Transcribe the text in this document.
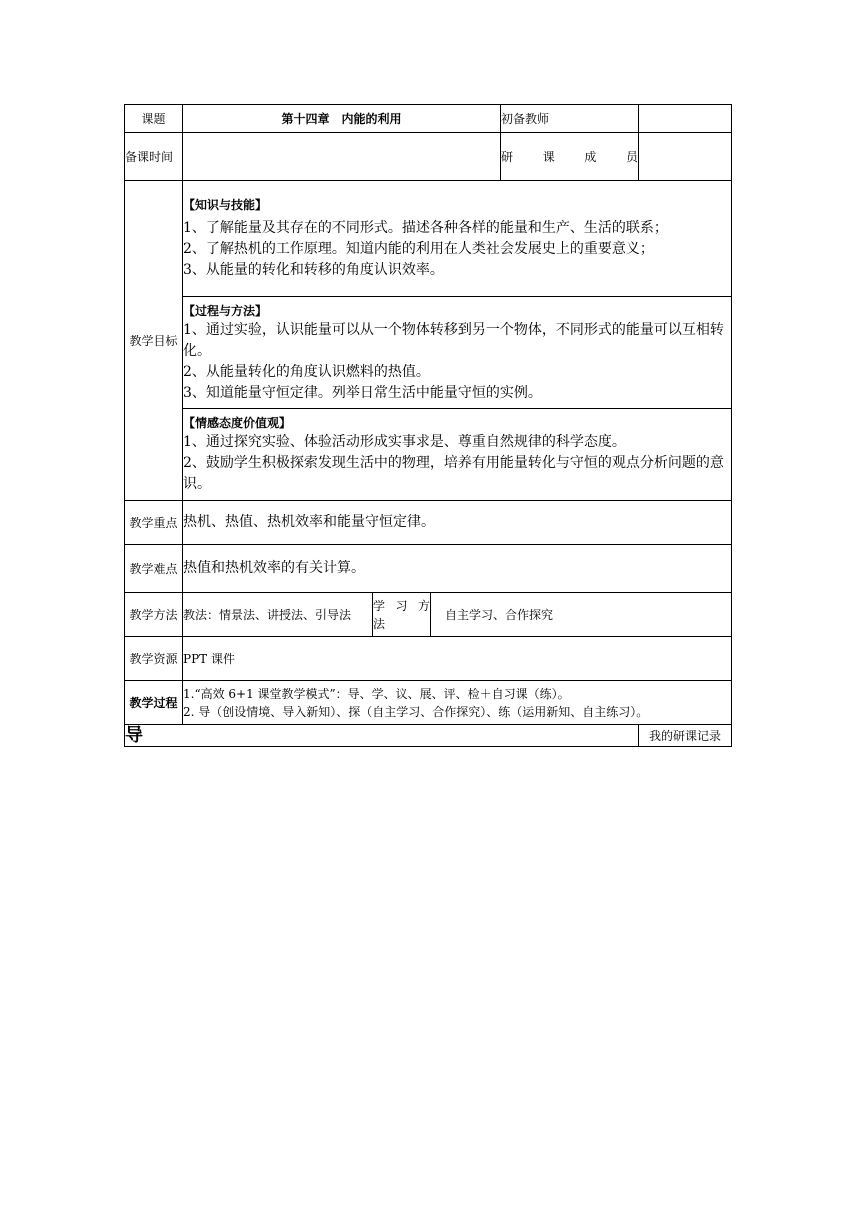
课题	第十四章　内能的利用			初备教师	
备课时间				研 课 成 员	
教学目标	【知识与技能】

1、了解能量及其存在的不同形式。描述各种各样的能量和生产、生活的联系；

2、了解热机的工作原理。知道内能的利用在人类社会发展史上的重要意义；

3、从能量的转化和转移的角度认识效率。				

	【过程与方法】

1、通过实验，认识能量可以从一个物体转移到另一个物体，不同形式的能量可以互相转化。

2、从能量转化的角度认识燃料的热值。

3、知道能量守恒定律。列举日常生活中能量守恒的实例。				

	【情感态度价值观】

1、通过探究实验、体验活动形成实事求是、尊重自然规律的科学态度。

2、鼓励学生积极探索发现生活中的物理，培养有用能量转化与守恒的观点分析问题的意识。				

教学重点	热机、热值、热机效率和能量守恒定律。				
教学难点	热值和热机效率的有关计算。				
教学方法	教法：情景法、讲授法、引导法	学 习 方 法	自主学习、合作探究		
教学资源	PPT 课件				
教学过程	1.“高效 6+1 课堂教学模式”：导、学、议、展、评、检＋自习课（练）。

2. 导（创设情境、导入新知）、探（自主学习、合作探究）、练（运用新知、自主练习）。				

导					我的研课记录
